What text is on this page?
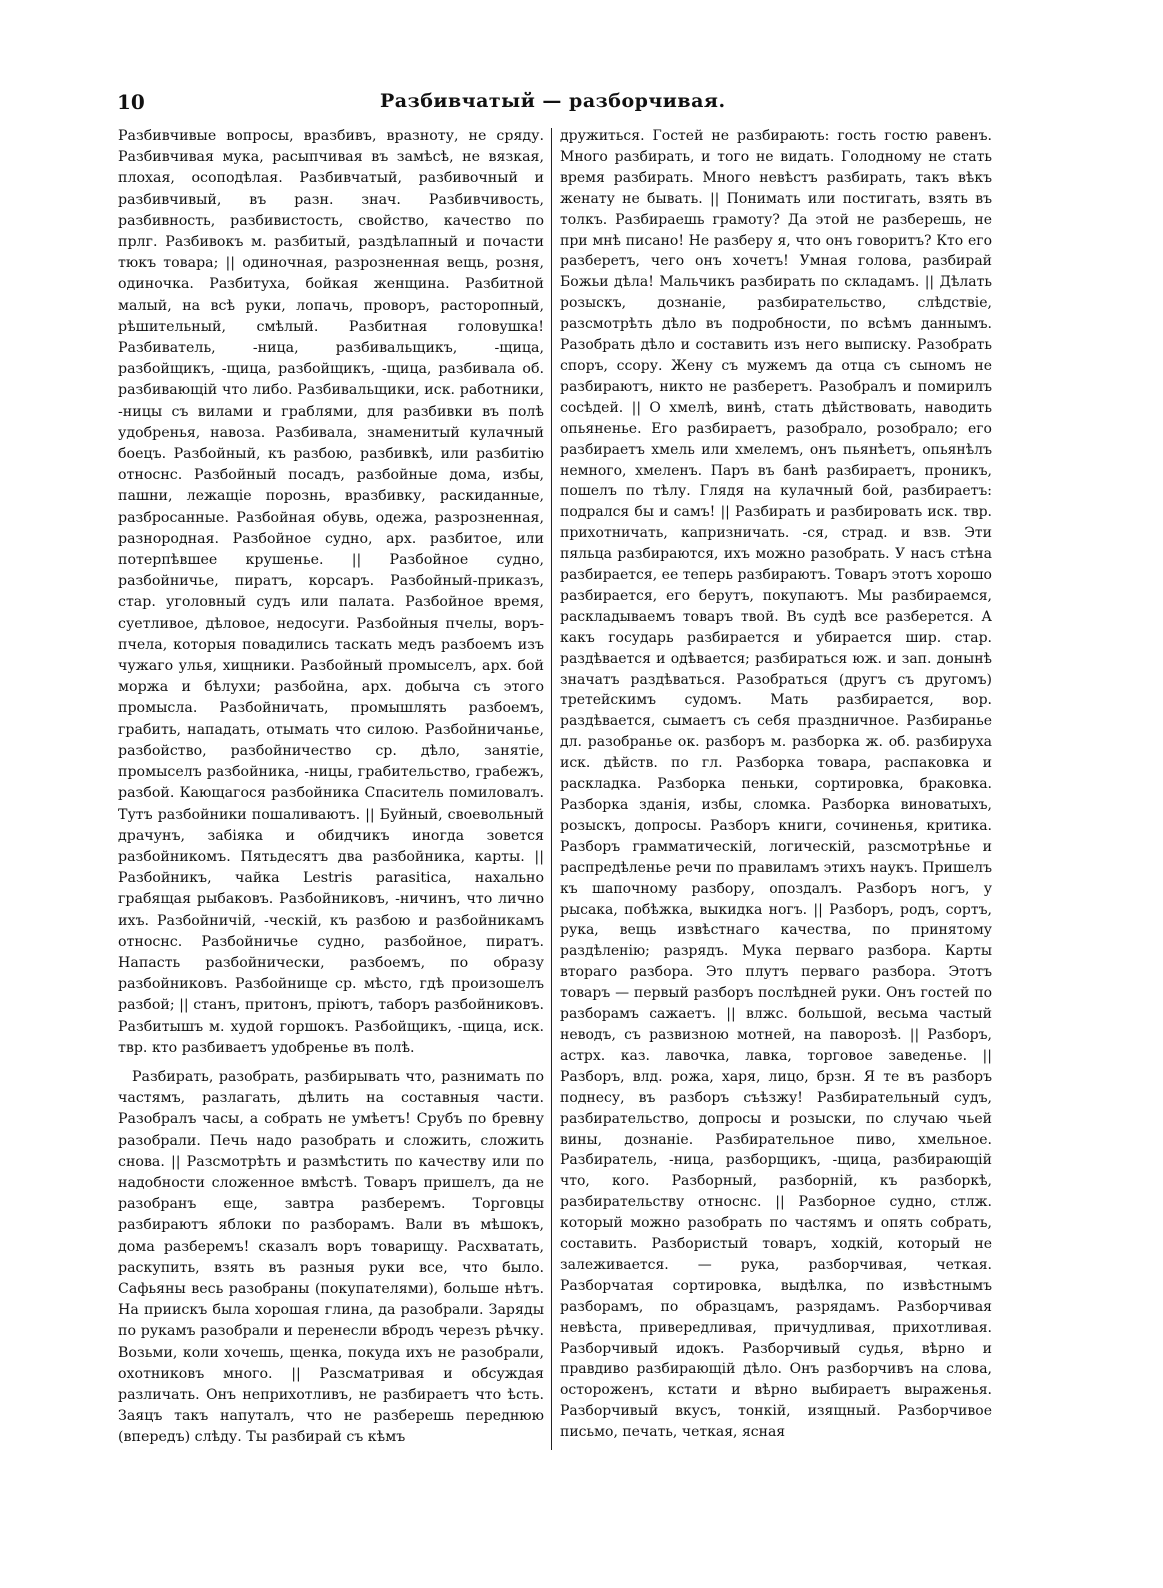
10	Разбивчатый — разборчивая.

Разбивчивые вопросы, вразбивъ, вразноту, не сряду. Разбивчивая мука, расыпчивая въ замѣсѣ, не вязкая, плохая, осоподѣлая. Разбивчатый, разбивочный и разбивчивый, въ разн. знач. Разбивчивость, разбивность, разбивистость, свойство, качество по прлг. Разбивокъ м. разбитый, раздѣлапный и почасти тюкъ товара; || одиночная, разрозненная вещь, розня, одиночка. Разбитуха, бойкая женщина. Разбитной малый, на всѣ руки, лопачь, проворъ, расторопный, рѣшительный, смѣлый. Разбитная головушка! Разбиватель, -ница, разбивальщикъ, -щица, разбойщикъ, -щица, разбойщикъ, -щица, разбивала об. разбивающій что либо. Разбивальщики, иск. работники, -ницы съ вилами и граблями, для разбивки въ полѣ удобренья, навоза. Разбивала, знаменитый кулачный боецъ. Разбойный, къ разбою, разбивкѣ, или разбитію относнс. Разбойный посадъ, разбойные дома, избы, пашни, лежащіе порознь, вразбивку, раскиданные, разбросанные. Разбойная обувь, одежа, разрозненная, разнородная. Разбойное судно, арх. разбитое, или потерпѣвшее крушенье. || Разбойное судно, разбойничье, пиратъ, корсаръ. Разбойный-приказъ, стар. уголовный судъ или палата. Разбойное время, суетливое, дѣловое, недосуги. Разбойныя пчелы, воръ-пчела, которыя повадились таскать медъ разбоемъ изъ чужаго улья, хищники. Разбойный промыселъ, арх. бой моржа и бѣлухи; разбойна, арх. добыча съ этого промысла. Разбойничать, промышлять разбоемъ, грабить, нападать, отымать что силою. Разбойничанье, разбойство, разбойничество ср. дѣло, занятіе, промыселъ разбойника, -ницы, грабительство, грабежъ, разбой. Кающагося разбойника Спаситель помиловалъ. Тутъ разбойники пошаливаютъ. || Буйный, своевольный драчунъ, забіяка и обидчикъ иногда зовется разбойникомъ. Пятьдесятъ два разбойника, карты. || Разбойникъ, чайка Lestris parasitica, нахально грабящая рыбаковъ. Разбойниковъ, -ничинъ, что лично ихъ. Разбойничій, -ческій, къ разбою и разбойникамъ относнс. Разбойничье судно, разбойное, пиратъ. Напасть разбойнически, разбоемъ, по образу разбойниковъ. Разбойнище ср. мѣсто, гдѣ произошелъ разбой; || станъ, притонъ, пріютъ, таборъ разбойниковъ. Разбитышъ м. худой горшокъ. Разбойщикъ, -щица, иск. твр. кто разбиваетъ удобренье въ полѣ.

Разбирать, разобрать, разбирывать что, разнимать по частямъ, разлагать, дѣлить на составныя части. Разобралъ часы, а собрать не умѣетъ! Срубъ по бревну разобрали. Печь надо разобрать и сложить, сложить снова. || Разсмотрѣть и размѣстить по качеству или по надобности сложенное вмѣстѣ. Товаръ пришелъ, да не разобранъ еще, завтра разберемъ. Торговцы разбираютъ яблоки по разборамъ. Вали въ мѣшокъ, дома разберемъ! сказалъ воръ товарищу. Расхватать, раскупить, взять въ разныя руки все, что было. Сафьяны весь разобраны (покупателями), больше нѣтъ. На приискъ была хорошая глина, да разобрали. Заряды по рукамъ разобрали и перенесли вбродъ черезъ рѣчку. Возьми, коли хочешь, щенка, покуда ихъ не разобрали, охотниковъ много. || Разсматривая и обсуждая различать. Онъ неприхотливъ, не разбираетъ что ѣсть. Заяцъ такъ напуталъ, что не разберешь переднюю (впередъ) слѣду. Ты разбирай съ кѣмъ

дружиться. Гостей не разбирають: гость гостю равенъ. Много разбирать, и того не видать. Голодному не стать время разбирать. Много невѣстъ разбирать, такъ вѣкъ женату не бывать. || Понимать или постигать, взять въ толкъ. Разбираешь грамоту? Да этой не разберешь, не при мнѣ писано! Не разберу я, что онъ говоритъ? Кто его разберетъ, чего онъ хочетъ! Умная голова, разбирай Божьи дѣла! Мальчикъ разбирать по складамъ. || Дѣлать розыскъ, дознаніе, разбирательство, слѣдствіе, разсмотрѣть дѣло въ подробности, по всѣмъ даннымъ. Разобрать дѣло и составить изъ него выписку. Разобрать споръ, ссору. Жену съ мужемъ да отца съ сыномъ не разбираютъ, никто не разберетъ. Разобралъ и помирилъ сосѣдей. || О хмелѣ, винѣ, стать дѣйствовать, наводить опьяненье. Его разбираетъ, разобрало, розобрало; его разбираетъ хмель или хмелемъ, онъ пьянѣетъ, опьянѣлъ немного, хмеленъ. Паръ въ банѣ разбираетъ, проникъ, пошелъ по тѣлу. Глядя на кулачный бой, разбираетъ: подрался бы и самъ! || Разбирать и разбировать иск. твр. прихотничать, капризничать. -ся, страд. и взв. Эти пяльца разбираются, ихъ можно разобрать. У насъ стѣна разбирается, ее теперь разбираютъ. Товаръ этотъ хорошо разбирается, его берутъ, покупаютъ. Мы разбираемся, раскладываемъ товаръ твой. Въ судѣ все разберется. А какъ государь разбирается и убирается шир. стар. раздѣвается и одѣвается; разбираться юж. и зап. донынѣ значатъ раздѣваться. Разобраться (другъ съ другомъ) третейскимъ судомъ. Мать разбирается, вор. раздѣвается, сымаетъ съ себя праздничное. Разбиранье дл. разобранье ок. разборъ м. разборка ж. об. разбируха иск. дѣйств. по гл. Разборка товара, распаковка и раскладка. Разборка пеньки, сортировка, браковка. Разборка зданія, избы, сломка. Разборка виноватыхъ, розыскъ, допросы. Разборъ книги, сочиненья, критика. Разборъ грамматическій, логическій, разсмотрѣнье и распредѣленье речи по правиламъ этихъ наукъ. Пришелъ къ шапочному разбору, опоздалъ. Разборъ ногъ, у рысака, побѣжка, выкидка ногъ. || Разборъ, родъ, сортъ, рука, вещь извѣстнаго качества, по принятому раздѣленію; разрядъ. Мука перваго разбора. Карты втораго разбора. Это плутъ перваго разбора. Этотъ товаръ — первый разборъ послѣдней руки. Онъ гостей по разборамъ сажаетъ. || влжс. большой, весьма частый неводъ, съ развизною мотней, на паворозѣ. || Разборъ, астрх. каз. лавочка, лавка, торговое заведенье. || Разборъ, влд. рожа, харя, лицо, брзн. Я те въ разборъ поднесу, въ разборъ съѣзжу! Разбирательный судъ, разбирательство, допросы и розыски, по случаю чьей вины, дознаніе. Разбирательное пиво, хмельное. Разбиратель, -ница, разборщикъ, -щица, разбирающій что, кого. Разборный, разборній, къ разборкѣ, разбирательству относнс. || Разборное судно, стлж. который можно разобрать по частямъ и опять собрать, составить. Разбористый товаръ, ходкій, который не залеживается. — рука, разборчивая, четкая. Разборчатая сортировка, выдѣлка, по извѣстнымъ разборамъ, по образцамъ, разрядамъ. Разборчивая невѣста, привередливая, причудливая, прихотливая. Разборчивый идокъ. Разборчивый судья, вѣрно и правдиво разбирающій дѣло. Онъ разборчивъ на слова, остороженъ, кстати и вѣрно выбираетъ выраженья. Разборчивый вкусъ, тонкій, изящный. Разборчивое письмо, печать, четкая, ясная
